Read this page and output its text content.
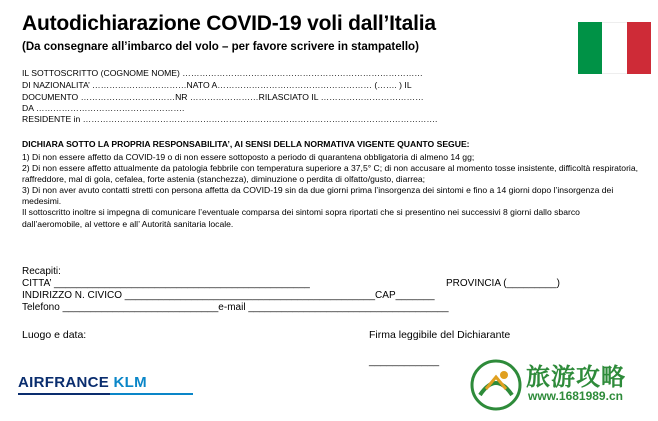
Autodichiarazione COVID-19 voli dall’Italia
(Da consegnare all’imbarco del volo – per favore scrivere in stampatello)
IL SOTTOSCRITTO (COGNOME NOME) …………………………………………………………………………
DI NAZIONALITA’ ……………………………NATO A……………………………………………… (……. ) IL
DOCUMENTO ……………………………NR ……………………RILASCIATO IL ………………………………
DA …………………………………………….
RESIDENTE in …………………………………………………………………………………………………………….
DICHIARA SOTTO LA PROPRIA RESPONSABILITA’, AI SENSI DELLA NORMATIVA VIGENTE QUANTO SEGUE:

1) Di non essere affetto da COVID-19 o di non essere sottoposto a periodo di quarantena obbligatoria di almeno 14 gg;

2) Di non essere affetto attualmente da patologia febbrile con temperatura superiore a 37,5° C; di non accusare al momento tosse insistente, difficoltà respiratoria, raffreddore, mal di gola, cefalea, forte astenia (stanchezza), diminuzione o perdita di olfatto/gusto, diarrea;

3) Di non aver avuto contatti stretti con persona affetta da COVID-19 sin da due giorni prima l’insorgenza dei sintomi e fino a 14 giorni dopo l’insorgenza dei medesimi.

Il sottoscritto inoltre si impegna di comunicare l’eventuale comparsa dei sintomi sopra riportati che si presentino nei successivi 8 giorni dallo sbarco dall’aeromobile, al vettore e all’ Autorità sanitaria locale.

Recapiti:
CITTA’ ______________________________________________	PROVINCIA (_________)
INDIRIZZO N. CIVICO _____________________________________________CAP_______
Telefono ____________________________e-mail ____________________________________
Luogo e data:	Firma leggibile del Dichiarante
____________
AIRFRANCE KLM	旅游攻略
www.1681989.cn
